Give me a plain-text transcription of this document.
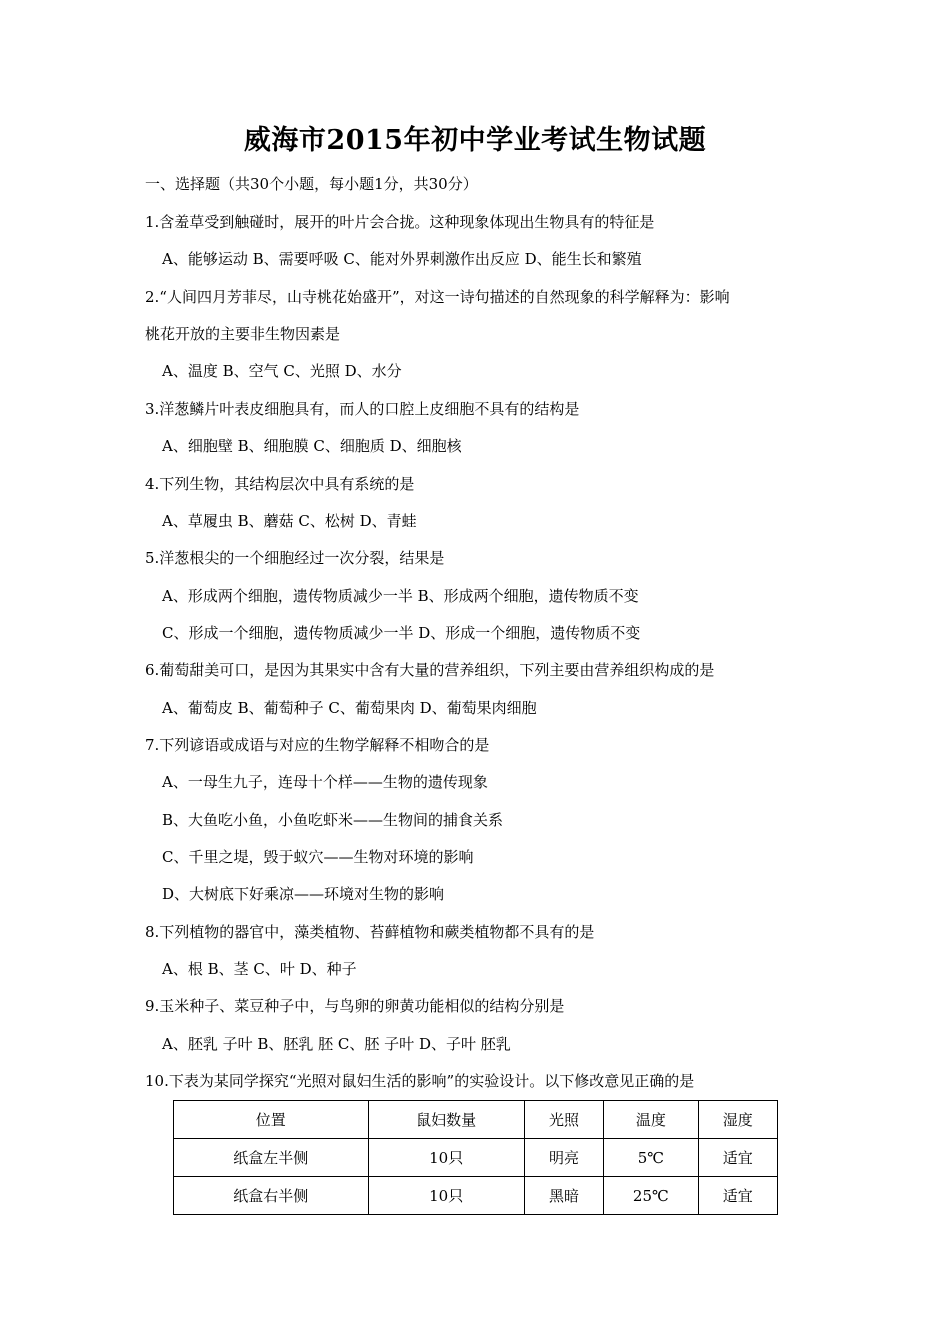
威海市2015年初中学业考试生物试题
一、选择题（共30个小题，每小题1分，共30分）
1.含羞草受到触碰时，展开的叶片会合拢。这种现象体现出生物具有的特征是
A、能够运动 B、需要呼吸 C、能对外界刺激作出反应 D、能生长和繁殖
2.“人间四月芳菲尽，山寺桃花始盛开”，对这一诗句描述的自然现象的科学解释为：影响
桃花开放的主要非生物因素是
A、温度 B、空气 C、光照 D、水分
3.洋葱鳞片叶表皮细胞具有，而人的口腔上皮细胞不具有的结构是
A、细胞壁 B、细胞膜 C、细胞质 D、细胞核
4.下列生物，其结构层次中具有系统的是
A、草履虫 B、蘑菇 C、松树 D、青蛙
5.洋葱根尖的一个细胞经过一次分裂，结果是
A、形成两个细胞，遗传物质减少一半 B、形成两个细胞，遗传物质不变
C、形成一个细胞，遗传物质减少一半 D、形成一个细胞，遗传物质不变
6.葡萄甜美可口，是因为其果实中含有大量的营养组织，下列主要由营养组织构成的是
A、葡萄皮 B、葡萄种子 C、葡萄果肉 D、葡萄果肉细胞
7.下列谚语或成语与对应的生物学解释不相吻合的是
A、一母生九子，连母十个样——生物的遗传现象
B、大鱼吃小鱼，小鱼吃虾米——生物间的捕食关系
C、千里之堤，毁于蚁穴——生物对环境的影响
D、大树底下好乘凉——环境对生物的影响
8.下列植物的器官中，藻类植物、苔藓植物和蕨类植物都不具有的是
A、根 B、茎 C、叶 D、种子
9.玉米种子、菜豆种子中，与鸟卵的卵黄功能相似的结构分别是
A、胚乳 子叶 B、胚乳 胚 C、胚 子叶 D、子叶 胚乳
10.下表为某同学探究“光照对鼠妇生活的影响”的实验设计。以下修改意见正确的是
位置	鼠妇数量	光照	温度	湿度
纸盒左半侧	10只	明亮	5℃	适宜
纸盒右半侧	10只	黑暗	25℃	适宜
